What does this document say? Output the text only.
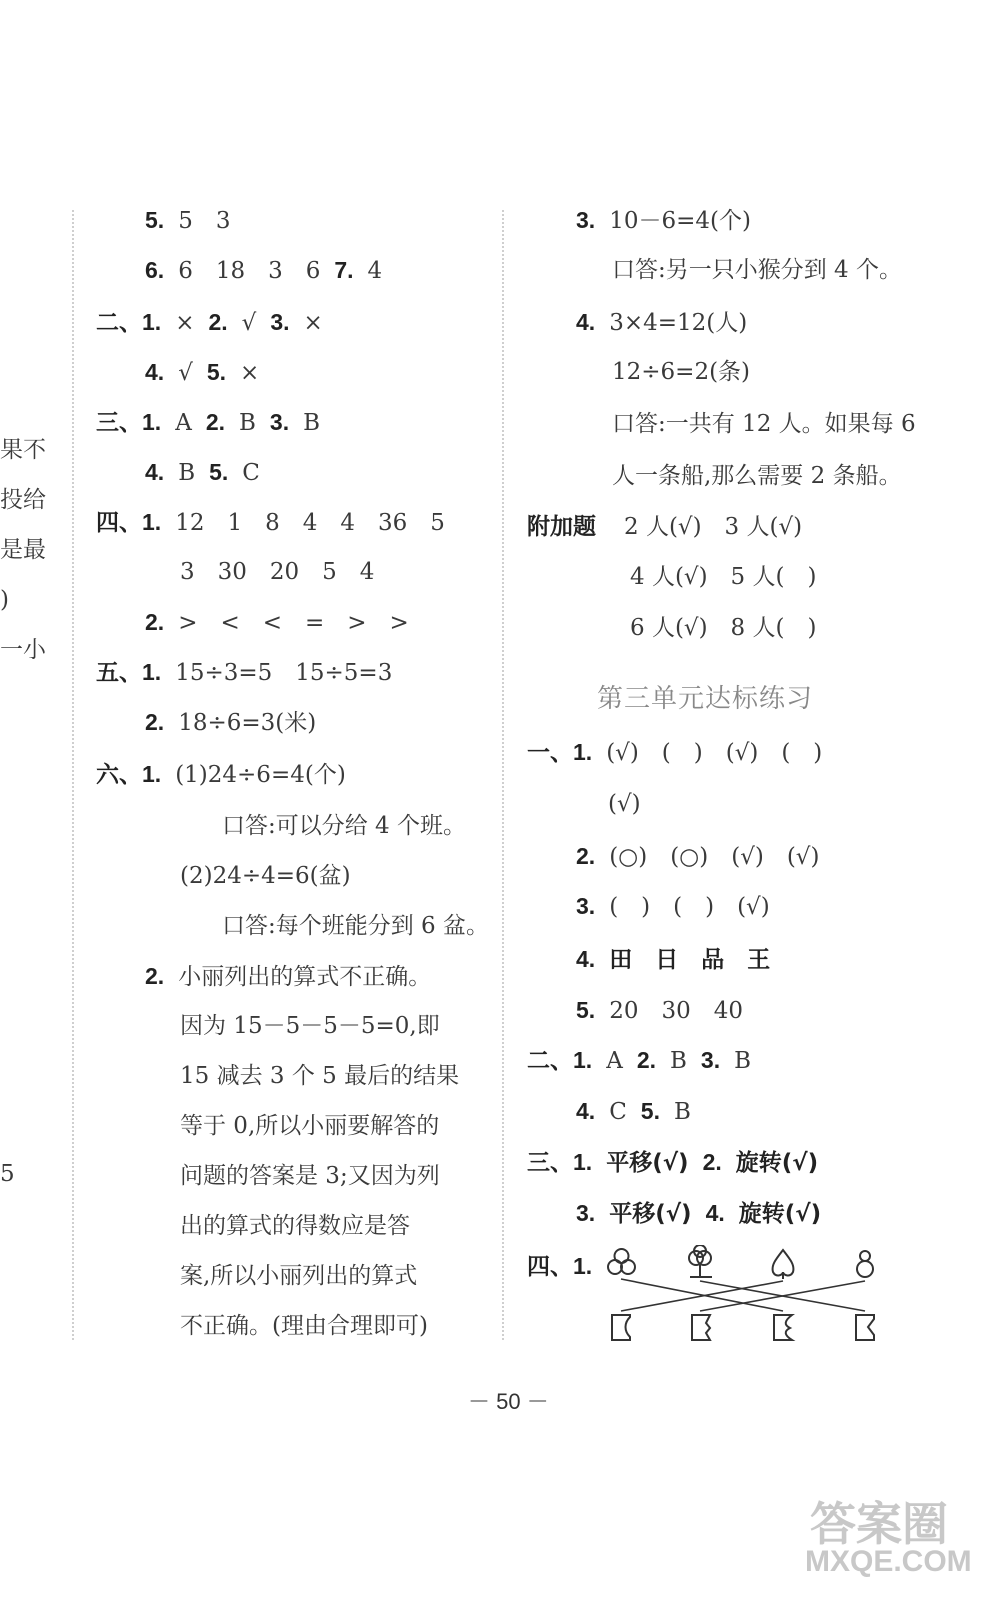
果不
投给
是最
)
一小
5
5. 5　3
6. 6　18　3　6 7. 4
二、1. × 2. √ 3. ×
4. √ 5. ×
三、1. A 2. B 3. B
4. B 5. C
四、1. 12　1　8　4　4　36　5
3　30　20　5　4
2. >　<　<　=　>　>
五、1. 15÷3=5　15÷5=3
2. 18÷6=3(米)
六、1. (1)24÷6=4(个)
口答:可以分给 4 个班。
(2)24÷4=6(盆)
口答:每个班能分到 6 盆。
2. 小丽列出的算式不正确。
因为 15－5－5－5=0,即
15 减去 3 个 5 最后的结果
等于 0,所以小丽要解答的
问题的答案是 3;又因为列
出的算式的得数应是答
案,所以小丽列出的算式
不正确。(理由合理即可)
3. 10－6=4(个)
口答:另一只小猴分到 4 个。
4. 3×4=12(人)
12÷6=2(条)
口答:一共有 12 人。如果每 6
人一条船,那么需要 2 条船。
附加题 2 人(√)　3 人(√)
4 人(√)　5 人(　)
6 人(√)　8 人(　)
第三单元达标练习
一、1. (√)　(　)　(√)　(　)
(√)
2. (○)　(○)　(√)　(√)
3. (　)　(　)　(√)
4. 田　日　品　王
5. 20　30　40
二、1. A 2. B 3. B
4. C 5. B
三、1. 平移(√) 2. 旋转(√)
3. 平移(√) 4. 旋转(√)
四、1.
－ 50 －
答案圈
MXQE.COM
